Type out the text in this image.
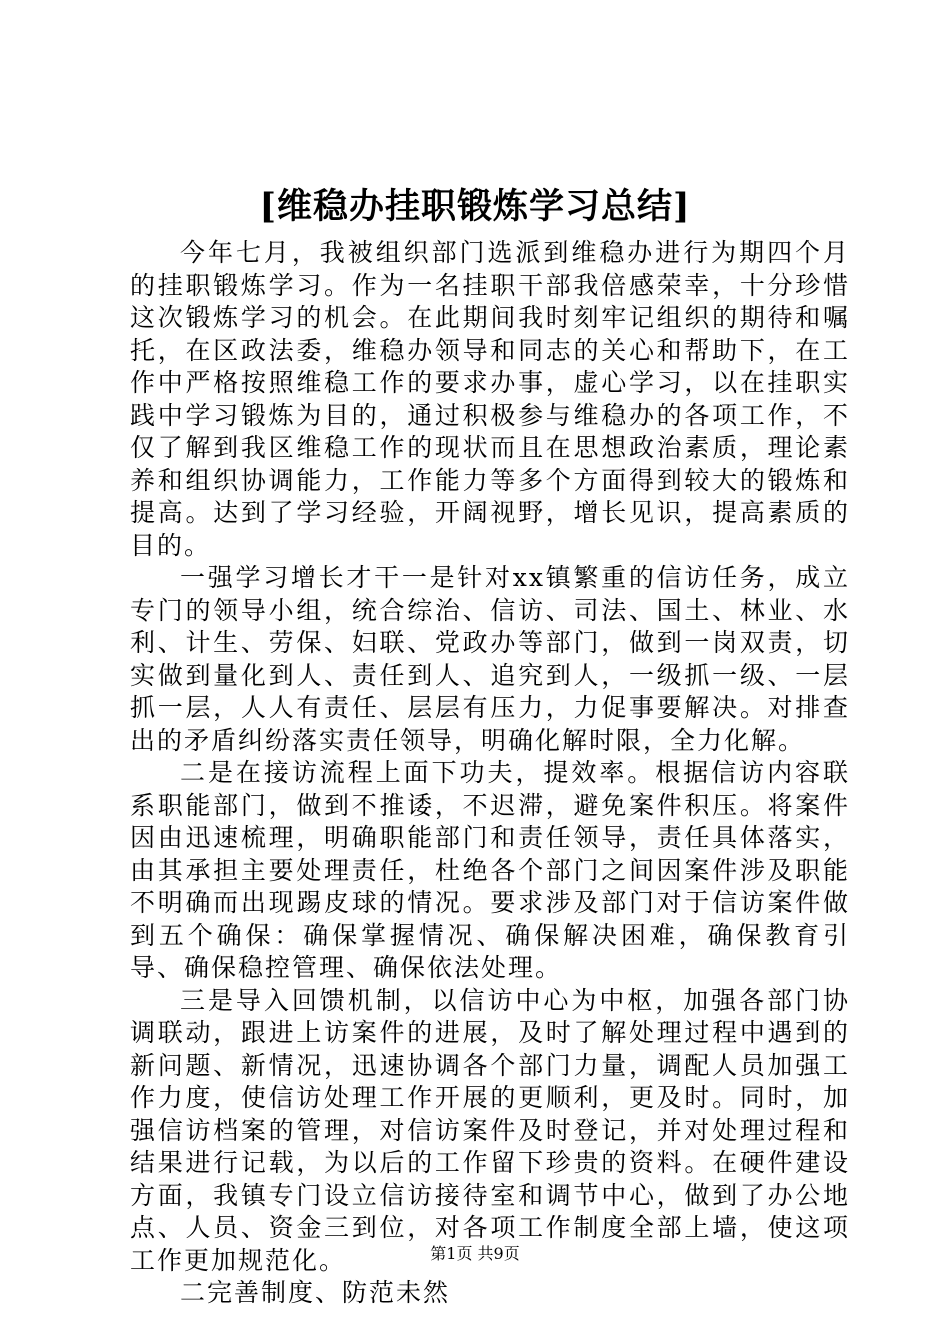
[维稳办挂职锻炼学习总结]

今年七月，我被组织部门选派到维稳办进行为期四个月的挂职锻炼学习。作为一名挂职干部我倍感荣幸，十分珍惜这次锻炼学习的机会。在此期间我时刻牢记组织的期待和嘱托，在区政法委，维稳办领导和同志的关心和帮助下，在工作中严格按照维稳工作的要求办事，虚心学习，以在挂职实践中学习锻炼为目的，通过积极参与维稳办的各项工作，不仅了解到我区维稳工作的现状而且在思想政治素质，理论素养和组织协调能力，工作能力等多个方面得到较大的锻炼和提高。达到了学习经验，开阔视野，增长见识，提高素质的目的。

一强学习增长才干一是针对xx镇繁重的信访任务，成立专门的领导小组，统合综治、信访、司法、国土、林业、水利、计生、劳保、妇联、党政办等部门，做到一岗双责，切实做到量化到人、责任到人、追究到人，一级抓一级、一层抓一层，人人有责任、层层有压力，力促事要解决。对排查出的矛盾纠纷落实责任领导，明确化解时限，全力化解。

二是在接访流程上面下功夫，提效率。根据信访内容联系职能部门，做到不推诿，不迟滞，避免案件积压。将案件因由迅速梳理，明确职能部门和责任领导，责任具体落实，由其承担主要处理责任，杜绝各个部门之间因案件涉及职能不明确而出现踢皮球的情况。要求涉及部门对于信访案件做到五个确保：确保掌握情况、确保解决困难，确保教育引导、确保稳控管理、确保依法处理。

三是导入回馈机制，以信访中心为中枢，加强各部门协调联动，跟进上访案件的进展，及时了解处理过程中遇到的新问题、新情况，迅速协调各个部门力量，调配人员加强工作力度，使信访处理工作开展的更顺利，更及时。同时，加强信访档案的管理，对信访案件及时登记，并对处理过程和结果进行记载，为以后的工作留下珍贵的资料。在硬件建设方面，我镇专门设立信访接待室和调节中心，做到了办公地点、人员、资金三到位，对各项工作制度全部上墙，使这项工作更加规范化。

二完善制度、防范未然

第1页 共9页
